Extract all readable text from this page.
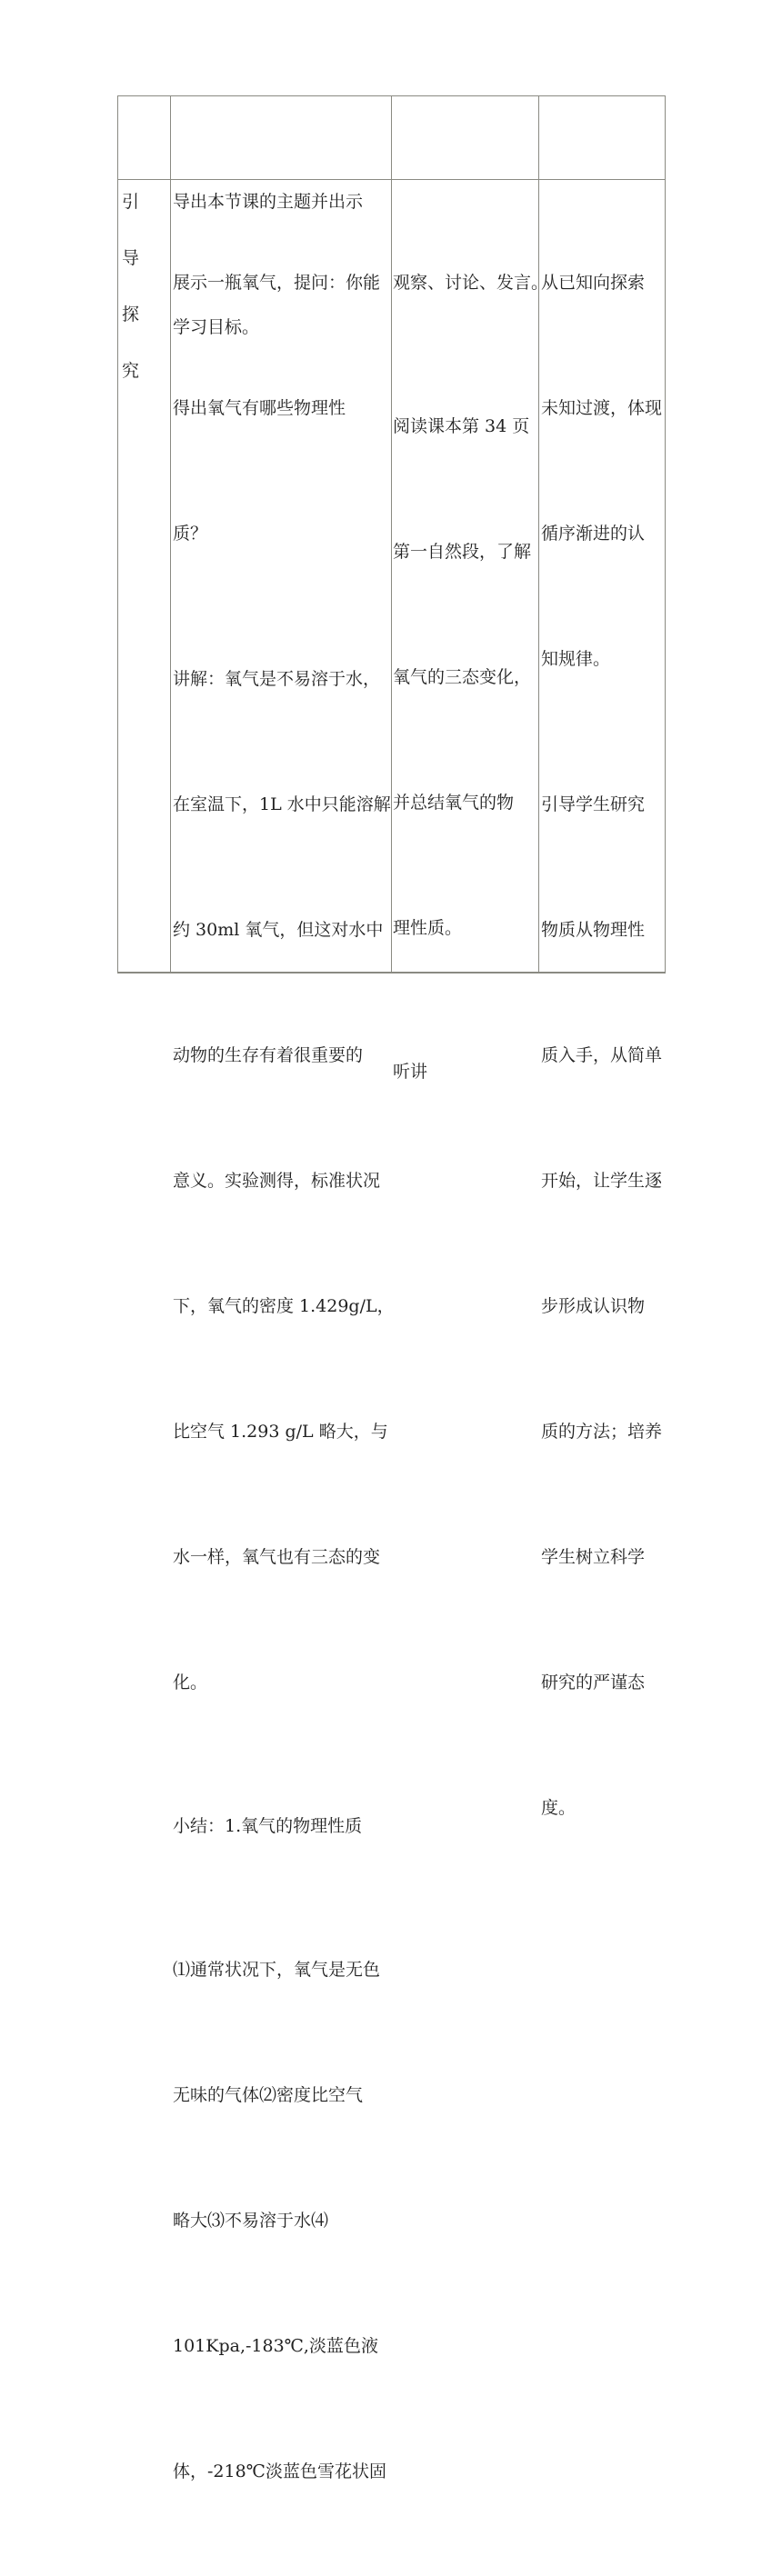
导出本节课的主题并出示

学习目标。

引
导
探
究

展示一瓶氧气，提问：你能

得出氧气有哪些物理性

质？

讲解：氧气是不易溶于水，

在室温下，1L 水中只能溶解

约 30ml 氧气，但这对水中

动物的生存有着很重要的

意义。实验测得，标准状况

下，氧气的密度 1.429g/L，

比空气 1.293 g/L 略大，与

水一样，氧气也有三态的变

化。

小结：1.氧气的物理性质

⑴通常状况下，氧气是无色

无味的气体⑵密度比空气

略大⑶不易溶于水⑷

101Kpa,-183℃,淡蓝色液

体，-218℃淡蓝色雪花状固

观察、讨论、发言。

阅读课本第 34 页

第一自然段，了解

氧气的三态变化，

并总结氧气的物

理性质。

听讲

从已知向探索

未知过渡，体现

循序渐进的认

知规律。

引导学生研究

物质从物理性

质入手，从简单

开始，让学生逐

步形成认识物

质的方法；培养

学生树立科学

研究的严谨态

度。
